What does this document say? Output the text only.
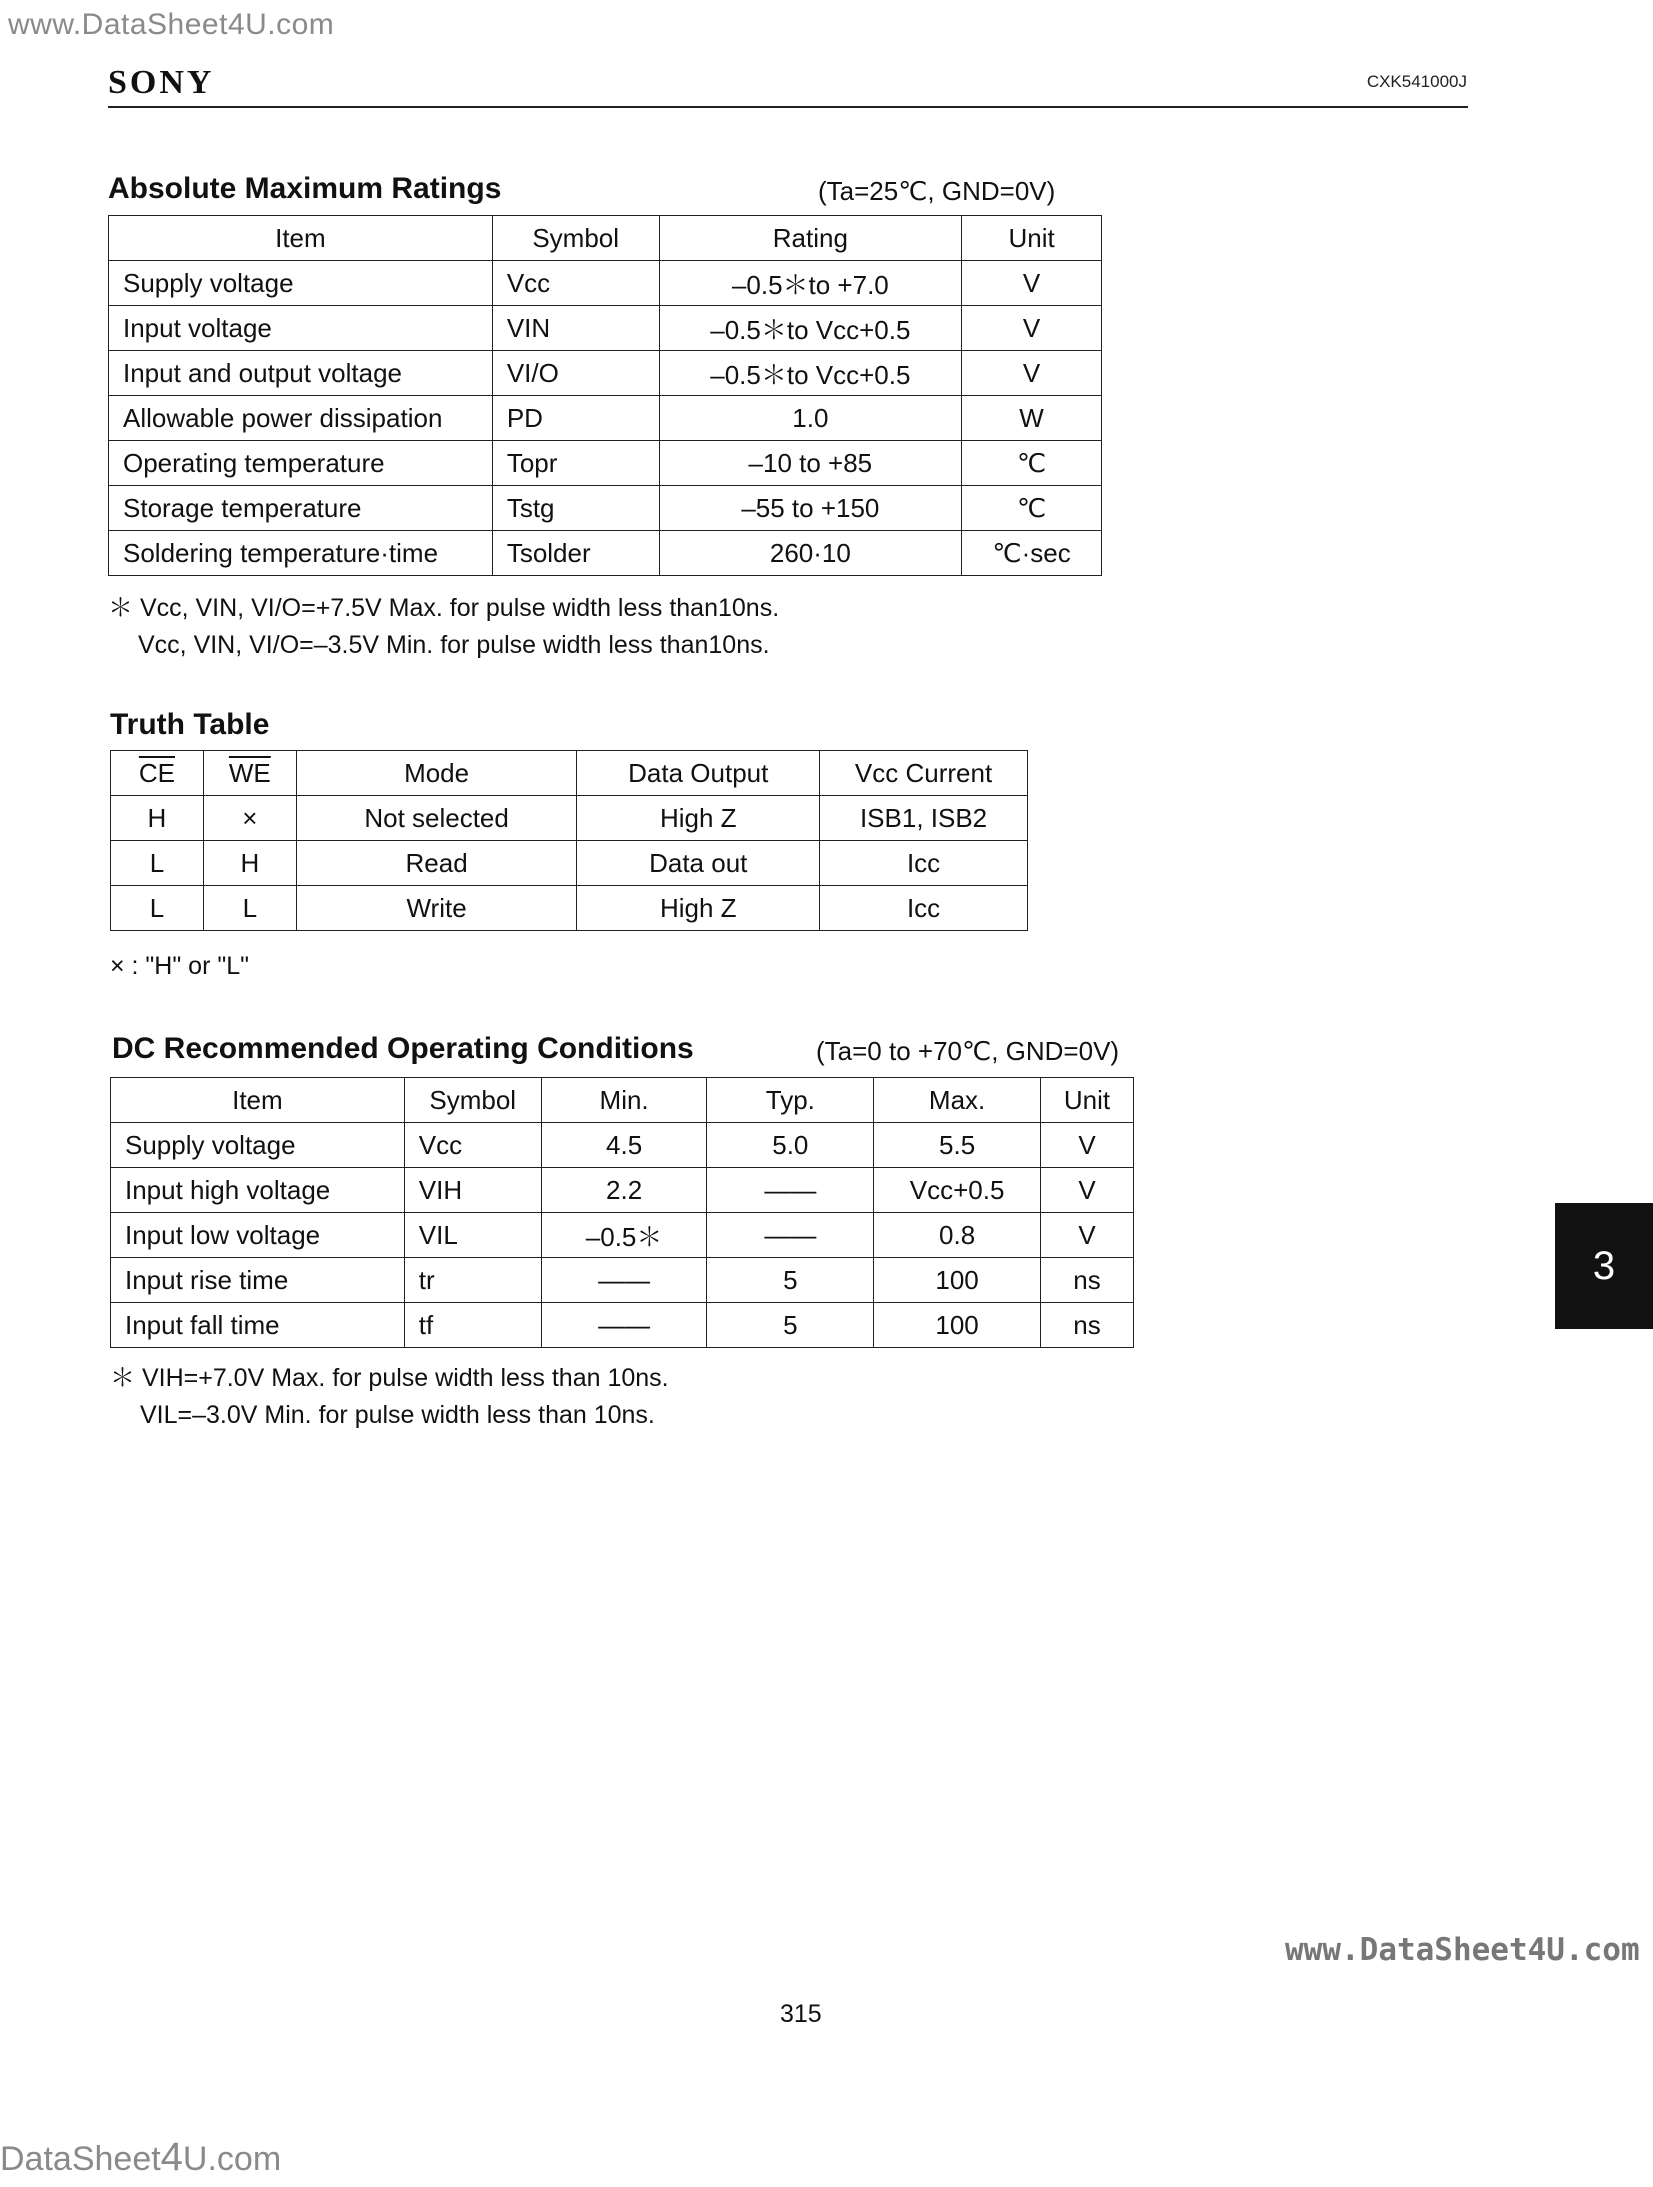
www.DataSheet4U.com
SONY	CXK541000J
Absolute Maximum Ratings	(Ta=25℃, GND=0V)
Item	Symbol	Rating	Unit
Supply voltage	Vcc	–0.5＊to +7.0	V
Input voltage	VIN	–0.5＊to Vcc+0.5	V
Input and output voltage	VI/O	–0.5＊to Vcc+0.5	V
Allowable power dissipation	PD	1.0	W
Operating temperature	Topr	–10 to +85	℃
Storage temperature	Tstg	–55 to +150	℃
Soldering temperature·time	Tsolder	260·10	℃·sec
＊ Vcc, VIN, VI/O=+7.5V Max. for pulse width less than10ns.
Vcc, VIN, VI/O=–3.5V Min. for pulse width less than10ns.
Truth Table
$\overline{CE}$	$\overline{WE}$	Mode	Data Output	Vcc Current
H	×	Not selected	High Z	ISB1, ISB2
L	H	Read	Data out	Icc
L	L	Write	High Z	Icc
× : "H" or "L"
DC Recommended Operating Conditions	(Ta=0 to +70℃, GND=0V)
Item	Symbol	Min.	Typ.	Max.	Unit
Supply voltage	Vcc	4.5	5.0	5.5	V
Input high voltage	VIH	2.2	——	Vcc+0.5	V
Input low voltage	VIL	–0.5＊	——	0.8	V
Input rise time	tr	——	5	100	ns
Input fall time	tf	——	5	100	ns
＊ VIH=+7.0V Max. for pulse width less than 10ns.
VIL=–3.0V Min. for pulse width less than 10ns.
3
www.DataSheet4U.com
315
DataSheet4U.com
